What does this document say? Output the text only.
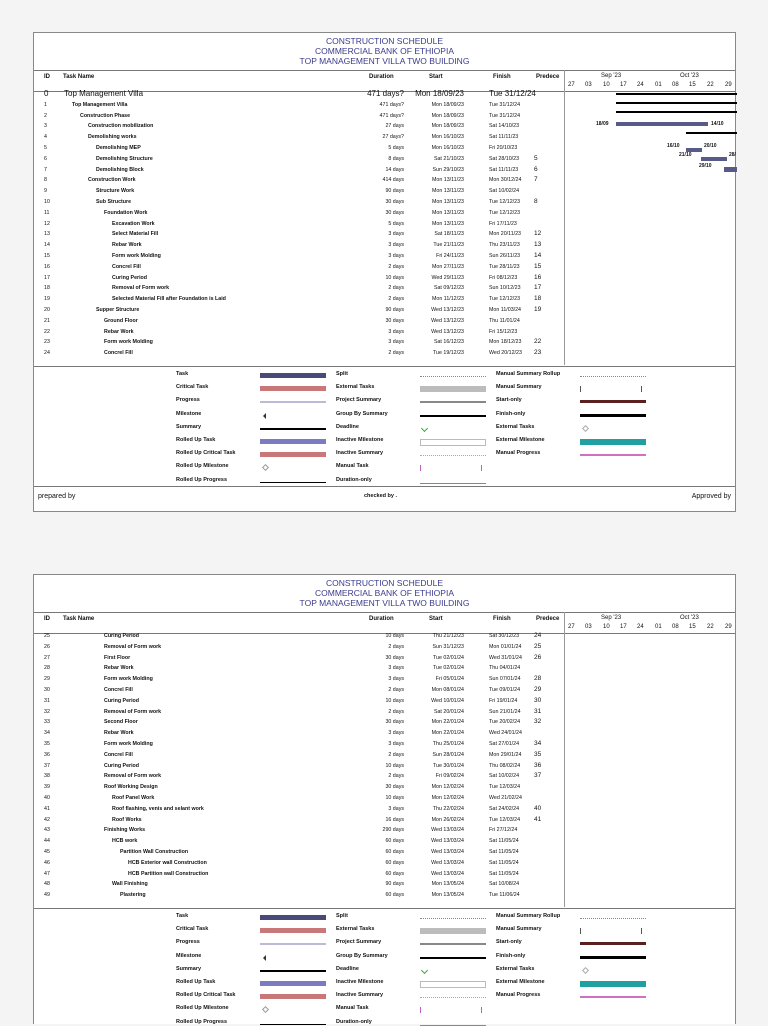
CONSTRUCTION SCHEDULE
COMMERCIAL BANK OF ETHIOPIA
TOP MANAGEMENT VILLA TWO BUILDING
ID Task Name	Duration	Start	Finish	Predece	Sep '23	Oct '23
27 03 10 17 24 01 08 15 22 29
0 Top Management Villa	471 days? Mon 18/09/23	Tue 31/12/24
1	Top Management Villa	471 days?	Mon 18/09/23	Tue 31/12/24
2	Construction Phase	471 days?	Mon 18/09/23	Tue 31/12/24
3	Construction mobilization	27 days	Mon 18/09/23	Sat 14/10/23
4	Demolishing works	27 days?	Mon 16/10/23	Sat 11/11/23
5	Demolishing MEP	5 days	Mon 16/10/23	Fri 20/10/23
6	Demolishing Structure	8 days	Sat 21/10/23	Sat 28/10/23 5
7	Demolishing Block	14 days	Sun 29/10/23	Sat 11/11/23 6
8	Construction Work	414 days	Mon 13/11/23	Mon 30/12/24 7
9	Structure Work	90 days	Mon 13/11/23	Sat 10/02/24
10	Sub Structure	30 days	Mon 13/11/23	Tue 12/12/23 8
11	Foundation Work	30 days	Mon 13/11/23	Tue 12/12/23
12	Excavation Work	5 days	Mon 13/11/23	Fri 17/11/23
13	Select Material Fill	3 days	Sat 18/11/23	Mon 20/11/23 12
14	Rebar Work	3 days	Tue 21/11/23	Thu 23/11/23 13
15	Form work Molding	3 days	Fri 24/11/23	Sun 26/11/23 14
16	Concrel Fill	2 days	Mon 27/11/23	Tue 28/11/23 15
17	Curing Period	10 days	Wed 29/11/23	Fri 08/12/23	16
18	Removal of Form work	2 days	Sat 09/12/23	Sun 10/12/23 17
19	Selected Material Fill after Foundation is Laid	2 days	Mon 11/12/23	Tue 12/12/23 18
20	Supper Structure	90 days	Wed 13/12/23	Mon 11/03/24 19
21	Ground Floor	30 days	Wed 13/12/23	Thu 11/01/24
22	Rebar Work	3 days	Wed 13/12/23	Fri 15/12/23
23	Form work Molding	3 days	Sat 16/12/23	Mon 18/12/23 22
24	Concrel Fill	2 days	Tue 19/12/23	Wed 20/12/23 23
18/09	14/10
16/10	20/10
21/10	28/
29/10
Task
Critical Task
Progress
Milestone
Summary
Rolled Up Task
Rolled Up Critical Task
Rolled Up Milestone
Rolled Up Progress
Split
External Tasks
Project Summary
Group By Summary
Deadline
Inactive Milestone
Inactive Summary
Manual Task
Duration-only
Manual Summary Rollup
Manual Summary
Start-only
Finish-only
External Tasks
External Milestone
Manual Progress
prepared by	checked by .	Approved by
CONSTRUCTION SCHEDULE
COMMERCIAL BANK OF ETHIOPIA
TOP MANAGEMENT VILLA TWO BUILDING
ID Task Name	Duration	Start	Finish	Predece	Sep '23	Oct '23
27 03 10 17 24 01 08 15 22 29
25	Curing Period	10 days	Thu 21/12/23	Sat 30/12/23 24
26	Removal of Form work	2 days	Sun 31/12/23	Mon 01/01/24 25
27	First Floor	30 days	Tue 02/01/24	Wed 31/01/24 26
28	Rebar Work	3 days	Tue 02/01/24	Thu 04/01/24
29	Form work Molding	3 days	Fri 05/01/24	Sun 07/01/24 28
30	Concrel Fill	2 days	Mon 08/01/24	Tue 09/01/24 29
31	Curing Period	10 days	Wed 10/01/24	Fri 19/01/24	30
32	Removal of Form work	2 days	Sat 20/01/24	Sun 21/01/24 31
33	Second Floor	30 days	Mon 22/01/24	Tue 20/02/24 32
34	Rebar Work	3 days	Mon 22/01/24	Wed 24/01/24
35	Form work Molding	3 days	Thu 25/01/24	Sat 27/01/24 34
36	Concrel Fill	2 days	Sun 28/01/24	Mon 29/01/24 35
37	Curing Period	10 days	Tue 30/01/24	Thu 08/02/24 36
38	Removal of Form work	2 days	Fri 09/02/24	Sat 10/02/24 37
39	Roof Working Design	30 days	Mon 12/02/24	Tue 12/03/24
40	Roof Panel Work	10 days	Mon 12/02/24	Wed 21/02/24
41	Roof flashing, venis and selant work	3 days	Thu 22/02/24	Sat 24/02/24 40
42	Roof Works	16 days	Mon 26/02/24	Tue 12/03/24 41
43	Finishing Works	290 days	Wed 13/03/24	Fri 27/12/24
44	HCB work	60 days	Wed 13/03/24	Sat 11/05/24
45	Partition Wall Construction	60 days	Wed 13/03/24	Sat 11/05/24
46	HCB Exterior wall Construction	60 days	Wed 13/03/24	Sat 11/05/24
47	HCB Partition wall Construction	60 days	Wed 13/03/24	Sat 11/05/24
48	Wall Finishing	90 days	Mon 13/05/24	Sat 10/08/24
49	Plastering	60 days	Mon 13/05/24	Tue 11/06/24
Task
Critical Task
Progress
Milestone
Summary
Rolled Up Task
Rolled Up Critical Task
Rolled Up Milestone
Rolled Up Progress
Split
External Tasks
Project Summary
Group By Summary
Deadline
Inactive Milestone
Inactive Summary
Manual Task
Duration-only
Manual Summary Rollup
Manual Summary
Start-only
Finish-only
External Tasks
External Milestone
Manual Progress
